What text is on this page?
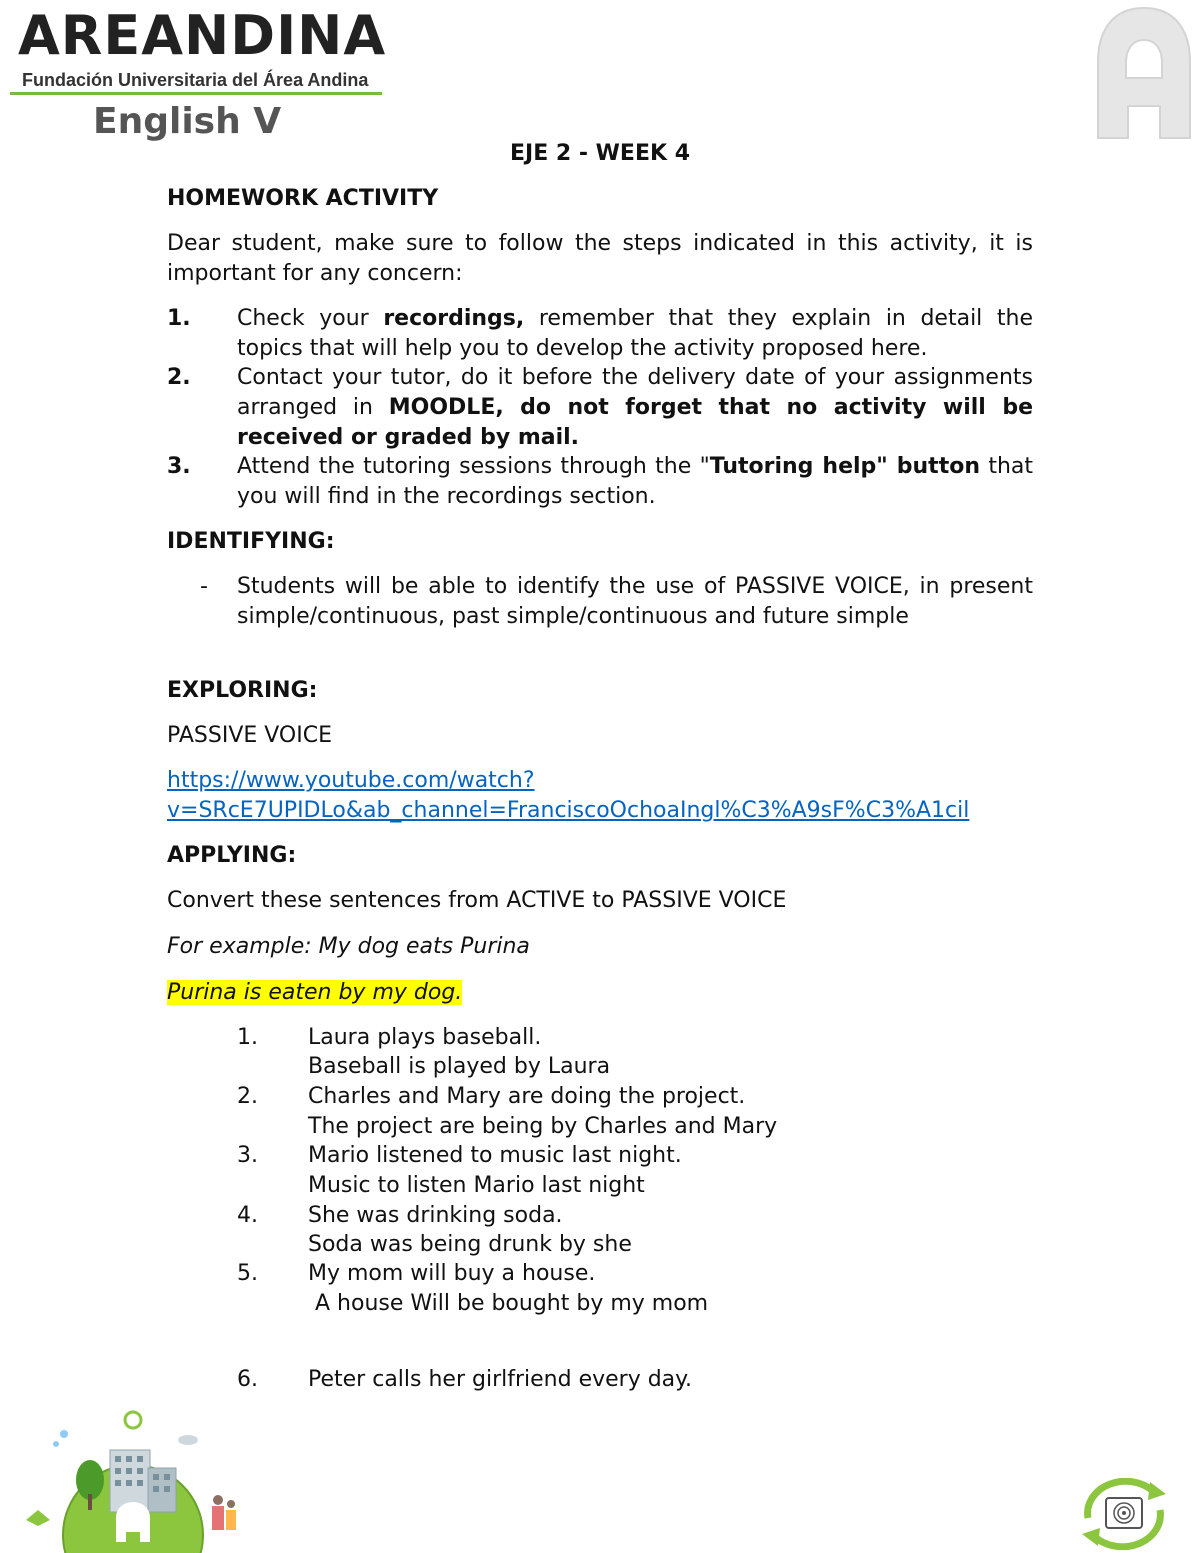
AREANDINA
Fundación Universitaria del Área Andina
English V
EJE 2 - WEEK 4
HOMEWORK ACTIVITY
Dear student, make sure to follow the steps indicated in this activity, it is important for any concern:
1. Check your recordings, remember that they explain in detail the topics that will help you to develop the activity proposed here.
2. Contact your tutor, do it before the delivery date of your assignments arranged in MOODLE, do not forget that no activity will be received or graded by mail.
3. Attend the tutoring sessions through the "Tutoring help" button that you will find in the recordings section.
IDENTIFYING:
- Students will be able to identify the use of PASSIVE VOICE, in present simple/continuous, past simple/continuous and future simple
EXPLORING:
PASSIVE VOICE
https://www.youtube.com/watch?
v=SRcE7UPIDLo&ab_channel=FranciscoOchoaIngl%C3%A9sF%C3%A1cil
APPLYING:
Convert these sentences from ACTIVE to PASSIVE VOICE
For example: My dog eats Purina
Purina is eaten by my dog.
1. Laura plays baseball.
Baseball is played by Laura
2. Charles and Mary are doing the project.
The project are being by Charles and Mary
3. Mario listened to music last night.
Music to listen Mario last night
4. She was drinking soda.
Soda was being drunk by she
5. My mom will buy a house.
A house Will be bought by my mom
6. Peter calls her girlfriend every day.
